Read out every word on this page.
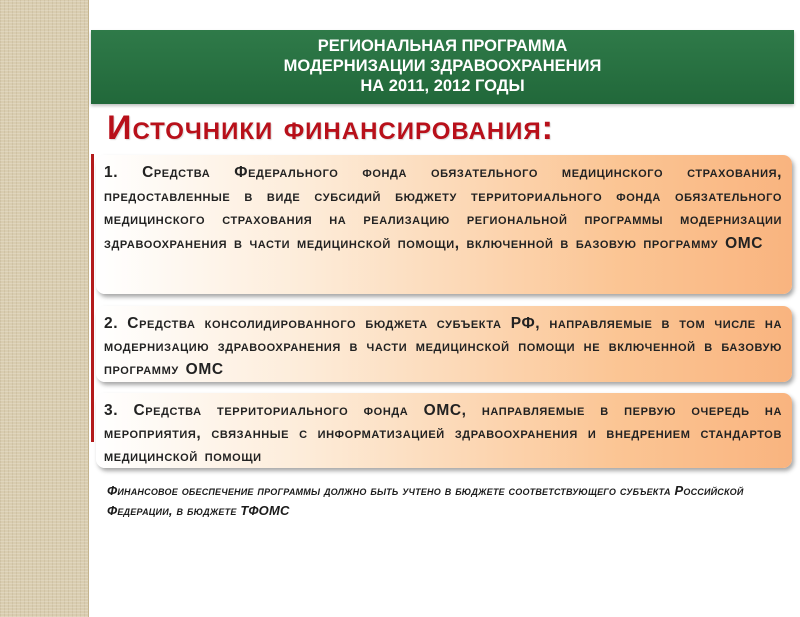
РЕГИОНАЛЬНАЯ ПРОГРАММА
МОДЕРНИЗАЦИИ ЗДРАВООХРАНЕНИЯ
НА 2011, 2012 ГОДЫ
Источники финансирования:
1. Средства Федерального фонда обязательного медицинского страхования, предоставленные в виде субсидий бюджету территориального фонда обязательного медицинского страхования на реализацию региональной программы модернизации здравоохранения в части медицинской помощи, включенной в базовую программу ОМС
2. Средства консолидированного бюджета субъекта РФ, направляемые в том числе на модернизацию здравоохранения в части медицинской помощи не включенной в базовую программу ОМС
3. Средства территориального фонда ОМС, направляемые в первую очередь на мероприятия, связанные с информатизацией здравоохранения и внедрением стандартов медицинской помощи
Финансовое обеспечение программы должно быть учтено в бюджете соответствующего субъекта Российской Федерации, в бюджете ТФОМС
